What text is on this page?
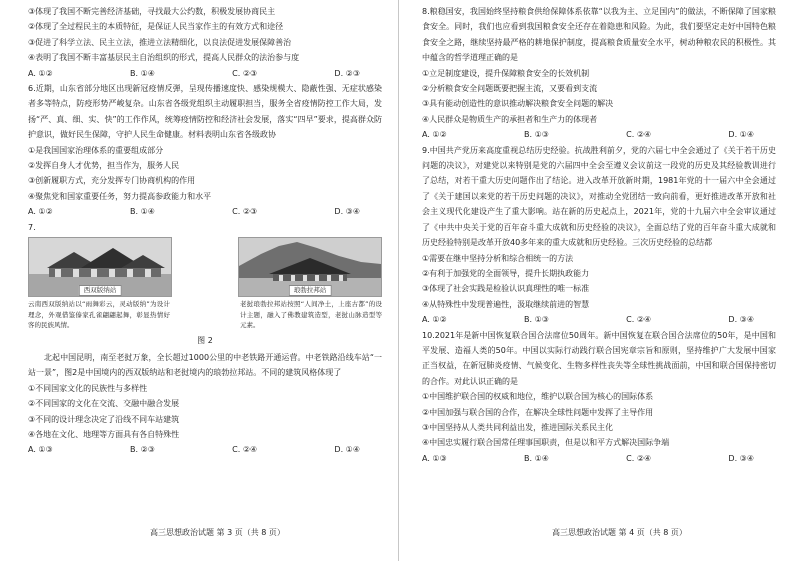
③体现了我国不断完善经济基础，寻找最大公约数，积极发展协商民主

②体现了全过程民主的本质特征，是保证人民当家作主的有效方式和途径

③促进了科学立法、民主立法，推进立法精细化，以良法促进发展保障善治

④表明了我国不断丰富基层民主自治组织的形式，提高人民群众的法治参与度

A. ①②	B. ①④	C. ②③	D. ②③

6.近期，山东省部分地区出现新冠疫情反弹，呈现传播速度快、感染规模大、隐蔽性强、无症状感染者多等特点，防疫形势严峻复杂。山东省各级党组织主动履职担当，服务全省疫情防控工作大局，发扬“严、真、细、实、快”的工作作风，统筹疫情防控和经济社会发展，落实“四早”要求，提高群众防护意识，做好民生保障，守护人民生命健康。材料表明山东省各级政协

①是我国国家治理体系的重要组成部分

②发挥自身人才优势，担当作为，服务人民

③创新履职方式，充分发挥专门协商机构的作用

④聚焦党和国家重要任务，努力提高参政能力和水平

A. ①②	B. ①④	C. ②③	D. ③④

7.

西双版纳站	琅勃拉邦站
云南西双版纳站以“雨舞彩云，灵动版纳”为设计理念，外观借鉴傣家孔雀翩翩起舞，彰显热情好客的民族风情。
老挝琅勃拉邦站按照“人间净土，上座古都”的设计主题，融入了佛教建筑造型，老挝山脉造型等元素。

图 2

北起中国昆明，南至老挝万象，全长超过1000公里的中老铁路开通运营。中老铁路沿线车站“一站一景”，图2是中国境内的西双版纳站和老挝境内的琅勃拉邦站。不同的建筑风格体现了

①不同国家文化的民族性与多样性

②不同国家的文化在交流、交融中融合发展

③不同的设计理念决定了沿线不同车站建筑

④各地在文化、地理等方面具有各自特殊性

A. ①③	B. ②③	C. ②④	D. ①④
高三思想政治试题 第 3 页（共 8 页）

8.粮稳国安，我国始终坚持粮食供给保障体系依靠“以我为主、立足国内”的做法，不断保障了国家粮食安全。同时，我们也应看到我国粮食安全还存在着隐患和风险。为此，我们要坚定走好中国特色粮食安全之路，继续坚持最严格的耕地保护制度，提高粮食质量安全水平，树动种粮农民的积极性。其中蕴含的哲学道理正确的是

①立足制度建设，提升保障粮食安全的长效机制

②分析粮食安全问题既要把握主流，又要看到支流

③具有能动创造性的意识推动解决粮食安全问题的解决

④人民群众是物质生产的承担者和生产力的体现者

A. ①②	B. ①③	C. ②④	D. ①④

9.中国共产党历来高度重视总结历史经验。抗战胜利前夕，党的六届七中全会通过了《关于若干历史问题的决议》，对建党以来特别是党的六届四中全会至遵义会议前这一段党的历史及其经验教训进行了总结，对若干重大历史问题作出了结论。进入改革开放新时期，1981年党的十一届六中全会通过了《关于建国以来党的若干历史问题的决议》，对推动全党团结一致向前看，更好推进改革开放和社会主义现代化建设产生了重大影响。站在新的历史起点上，2021年，党的十九届六中全会审议通过了《中共中央关于党的百年奋斗重大成就和历史经验的决议》，全面总结了党的百年奋斗重大成就和历史经验特别是改革开放40多年来的重大成就和历史经验。三次历史经验的总结都

①需要在继中坚持分析和综合相统一的方法

②有利于加强党的全面领导，提升长期执政能力

③体现了社会实践是检验认识真理性的唯一标准

④从特殊性中发现普遍性，汲取继续前进的智慧

A. ①②	B. ①③	C. ②④	D. ③④

10.2021年是新中国恢复联合国合法席位50周年。新中国恢复在联合国合法席位的50年，是中国和平发展、造福人类的50年。中国以实际行动践行联合国宪章宗旨和原则，坚持维护广大发展中国家正当权益，在新冠肺炎疫情、气候变化、生物多样性丧失等全球性挑战面前，中国和联合国保持密切的合作。对此认识正确的是

①中国维护联合国的权威和地位，维护以联合国为核心的国际体系

②中国加强与联合国的合作，在解决全球性问题中发挥了主导作用

③中国坚持从人类共同利益出发，推进国际关系民主化

④中国忠实履行联合国常任理事国职责，但是以和平方式解决国际争端

A. ①③	B. ①④	C. ②④	D. ③④
高三思想政治试题 第 4 页（共 8 页）
